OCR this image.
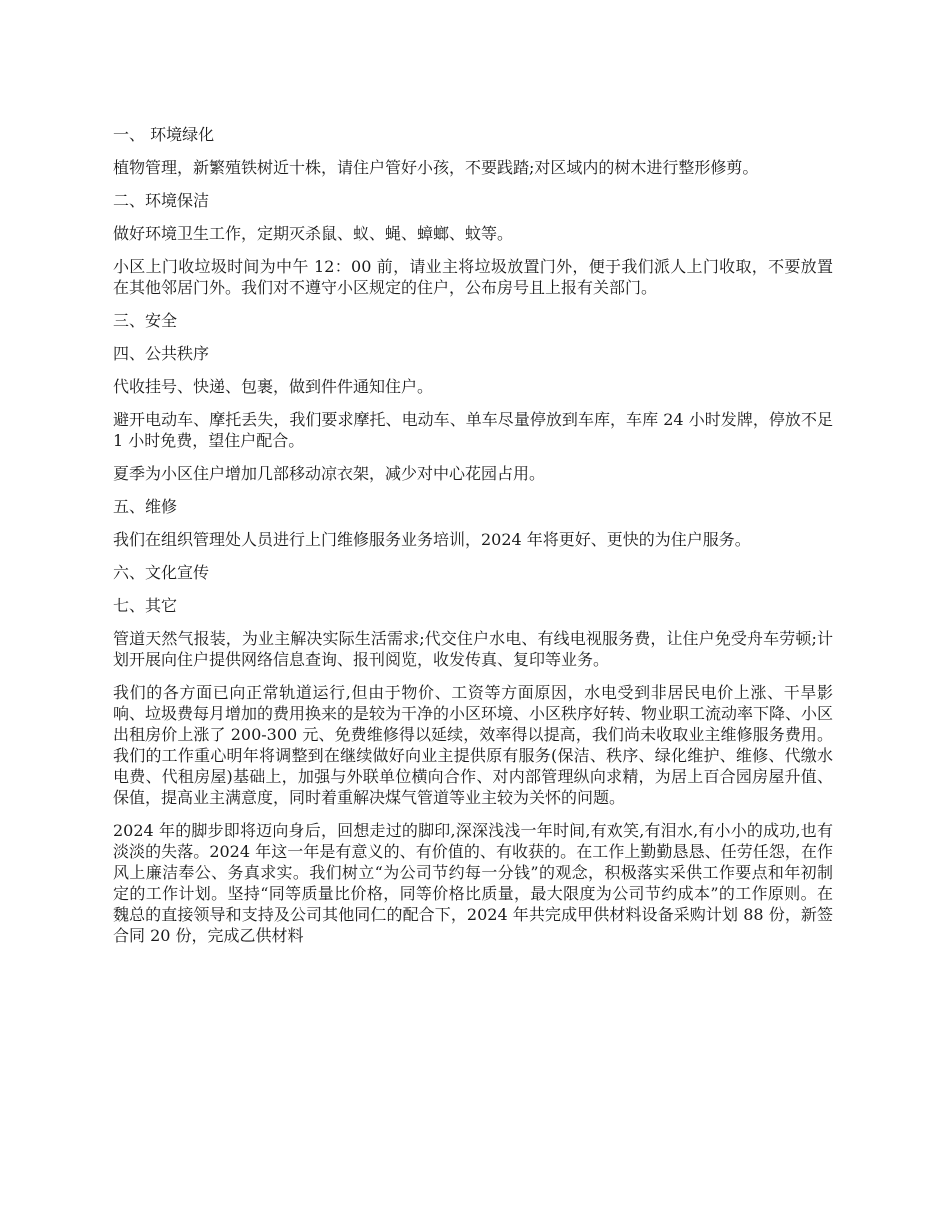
一、 环境绿化

植物管理，新繁殖铁树近十株，请住户管好小孩，不要践踏;对区域内的树木进行整形修剪。

二、环境保洁

做好环境卫生工作，定期灭杀鼠、蚁、蝇、蟑螂、蚊等。

小区上门收垃圾时间为中午 12：00 前，请业主将垃圾放置门外，便于我们派人上门收取，不要放置在其他邻居门外。我们对不遵守小区规定的住户，公布房号且上报有关部门。

三、安全

四、公共秩序

代收挂号、快递、包裹，做到件件通知住户。

避开电动车、摩托丢失，我们要求摩托、电动车、单车尽量停放到车库，车库 24 小时发牌，停放不足 1 小时免费，望住户配合。

夏季为小区住户增加几部移动凉衣架，减少对中心花园占用。

五、维修

我们在组织管理处人员进行上门维修服务业务培训，2024 年将更好、更快的为住户服务。

六、文化宣传

七、其它

管道天然气报装，为业主解决实际生活需求;代交住户水电、有线电视服务费，让住户免受舟车劳顿;计划开展向住户提供网络信息查询、报刊阅览，收发传真、复印等业务。

我们的各方面已向正常轨道运行,但由于物价、工资等方面原因，水电受到非居民电价上涨、干旱影响、垃圾费每月增加的费用换来的是较为干净的小区环境、小区秩序好转、物业职工流动率下降、小区出租房价上涨了 200-300 元、免费维修得以延续，效率得以提高，我们尚未收取业主维修服务费用。我们的工作重心明年将调整到在继续做好向业主提供原有服务(保洁、秩序、绿化维护、维修、代缴水电费、代租房屋)基础上，加强与外联单位横向合作、对内部管理纵向求精，为居上百合园房屋升值、保值，提高业主满意度，同时着重解决煤气管道等业主较为关怀的问题。

2024 年的脚步即将迈向身后，回想走过的脚印,深深浅浅一年时间,有欢笑,有泪水,有小小的成功,也有淡淡的失落。2024 年这一年是有意义的、有价值的、有收获的。在工作上勤勤恳恳、任劳任怨，在作风上廉洁奉公、务真求实。我们树立“为公司节约每一分钱”的观念，积极落实采供工作要点和年初制定的工作计划。坚持“同等质量比价格，同等价格比质量，最大限度为公司节约成本”的工作原则。在魏总的直接领导和支持及公司其他同仁的配合下，2024 年共完成甲供材料设备采购计划 88 份，新签合同 20 份，完成乙供材料
